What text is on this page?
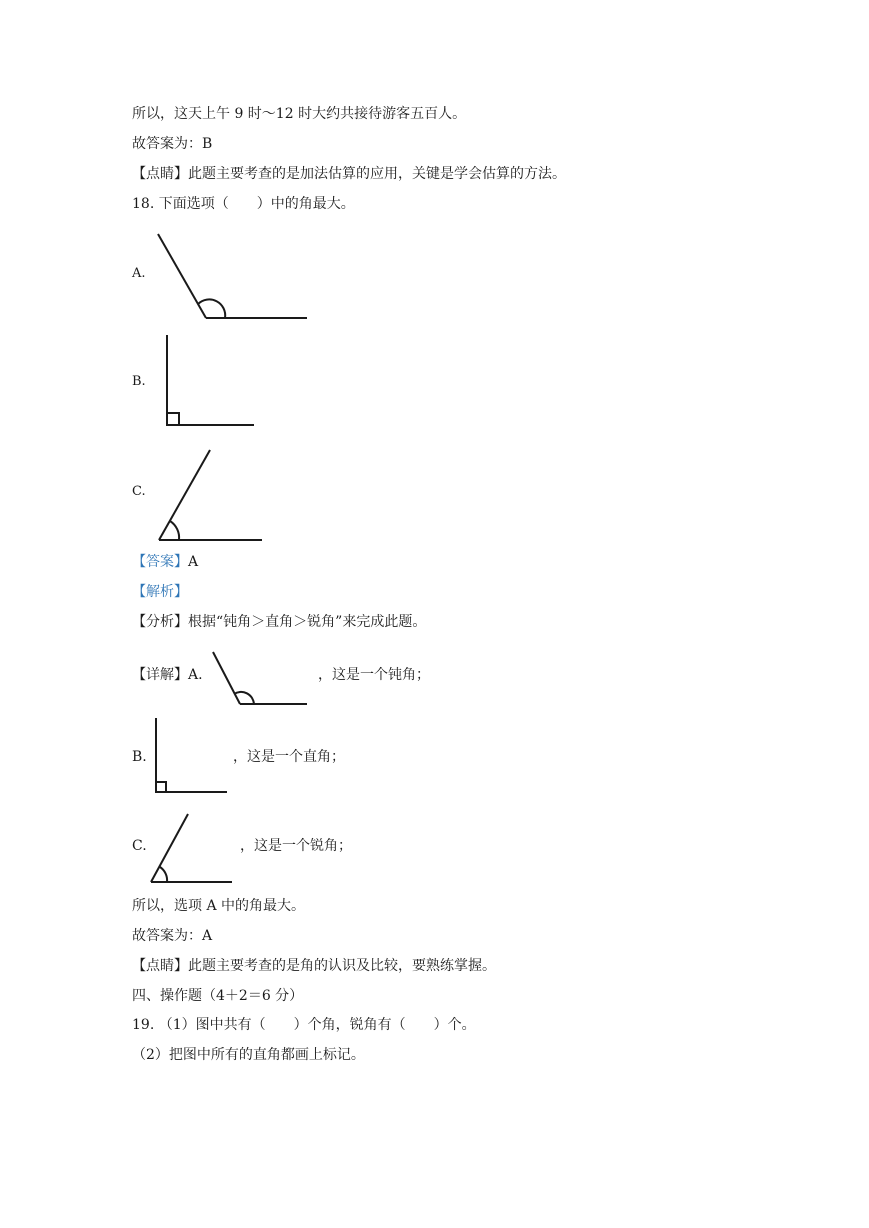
所以，这天上午 9 时～12 时大约共接待游客五百人。
故答案为：B
【点睛】此题主要考查的是加法估算的应用，关键是学会估算的方法。
18. 下面选项（　　）中的角最大。
A.
B.
C.
【答案】A
【解析】
【分析】根据“钝角＞直角＞锐角”来完成此题。
【详解】A.	，这是一个钝角；
B.	，这是一个直角；
C.	，这是一个锐角；
所以，选项 A 中的角最大。
故答案为：A
【点睛】此题主要考查的是角的认识及比较，要熟练掌握。
四、操作题（4＋2＝6 分）
19. （1）图中共有（　　）个角，锐角有（　　）个。
（2）把图中所有的直角都画上标记。
